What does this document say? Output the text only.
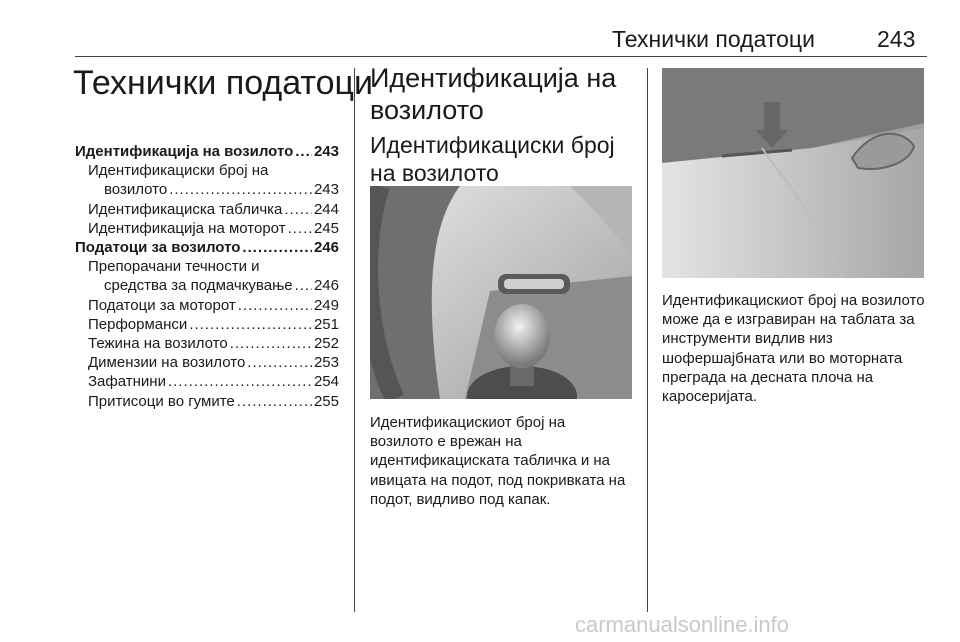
Технички податоци	243
Технички податоци
Идентификација на возилото ..... 243
Идентификациски број на
возилото .....	243
Идентификациска табличка ..... 244
Идентификација на моторот ..... 245
Податоци за возилото .....	246
Препорачани течности и
средства за подмачкување ..... 246
Податоци за моторот .....	249
Перформанси .....	251
Тежина на возилото .....	252
Димензии на возилото .....	253
Зафатнини .....	254
Притисоци во гумите .....	255
Идентификација на возилото
Идентификациски број на возилото
Идентификацискиот број на возилото е врежан на идентификациската табличка и на ивицата на подот, под покривката на подот, видливо под капак.
Идентификацискиот број на возилото може да е изгравиран на таблата за инструменти видлив низ шофершајбната или во моторната преграда на десната плоча на каросеријата.
carmanualsonline.info
